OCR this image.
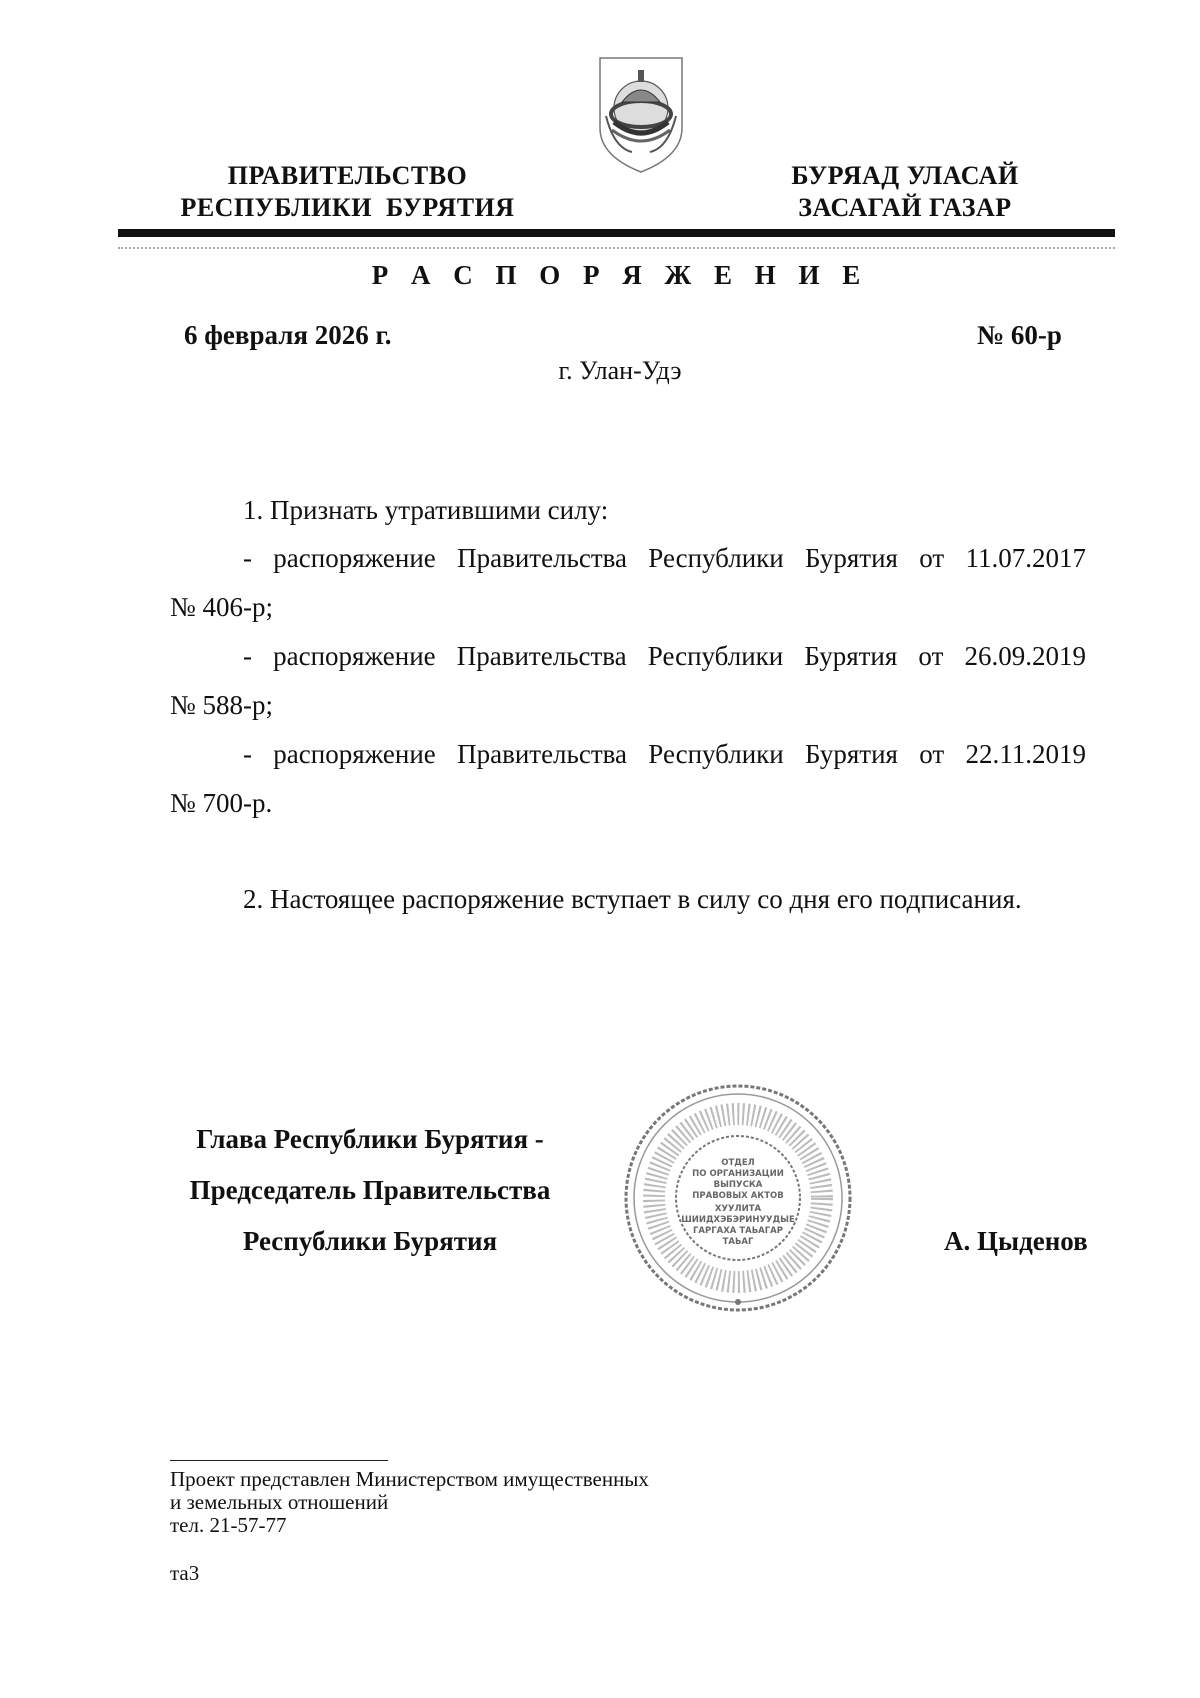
ПРАВИТЕЛЬСТВО
РЕСПУБЛИКИ  БУРЯТИЯ
БУРЯАД УЛАСАЙ
ЗАСАГАЙ ГАЗАР
Р А С П О Р Я Ж Е Н И Е
6 февраля 2026 г.	№ 60-р
г. Улан-Удэ
1. Признать утратившими силу:
- распоряжение Правительства Республики Бурятия от 11.07.2017
№ 406-р;
- распоряжение Правительства Республики Бурятия от 26.09.2019
№ 588-р;
- распоряжение Правительства Республики Бурятия от 22.11.2019
№ 700-р.
2. Настоящее распоряжение вступает в силу со дня его подписания.
Глава Республики Бурятия -
Председатель Правительства
Республики Бурятия
ОТДЕЛ
ПО ОРГАНИЗАЦИИ
ВЫПУСКА
ПРАВОВЫХ АКТОВ
ХУУЛИТА
ШИИДХЭБЭРИНУУДЫЕ
ГАРГАХА ТАЬАГАР
ТАЬАГ	А. Цыденов
Проект представлен Министерством имущественных
и земельных отношений
тел. 21-57-77
та3
